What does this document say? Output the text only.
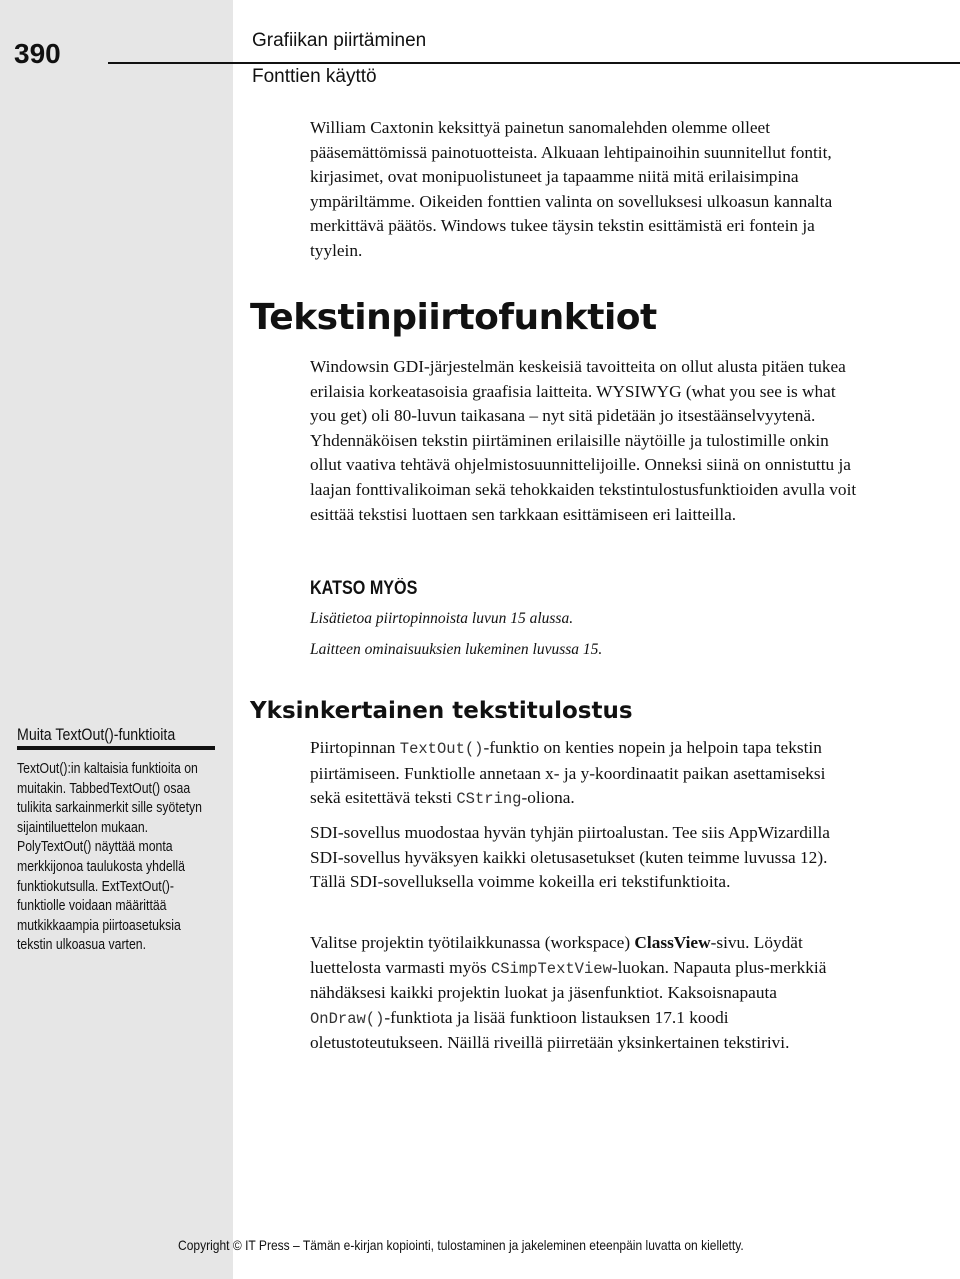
390	Grafiikan piirtäminen
Fonttien käyttö

William Caxtonin keksittyä painetun sanomalehden olemme olleet pääsemättömissä painotuotteista. Alkuaan lehtipainoihin suunnitellut fontit, kirjasimet, ovat monipuolistuneet ja tapaamme niitä mitä erilaisimpina ympäriltämme. Oikeiden fonttien valinta on sovelluksesi ulkoasun kannalta merkittävä päätös. Windows tukee täysin tekstin esittämistä eri fontein ja tyylein.

Tekstinpiirtofunktiot

Windowsin GDI-järjestelmän keskeisiä tavoitteita on ollut alusta pitäen tukea erilaisia korkeatasoisia graafisia laitteita. WYSIWYG (what you see is what you get) oli 80-luvun taikasana – nyt sitä pidetään jo itsestäänselvyytenä. Yhdennäköisen tekstin piirtäminen erilaisille näytöille ja tulostimille onkin ollut vaativa tehtävä ohjelmistosuunnittelijoille. Onneksi siinä on onnistuttu ja laajan fonttivalikoiman sekä tehokkaiden tekstintulostusfunktioiden avulla voit esittää tekstisi luottaen sen tarkkaan esittämiseen eri laitteilla.

KATSO MYÖS
Lisätietoa piirtopinnoista luvun 15 alussa.
Laitteen ominaisuuksien lukeminen luvussa 15.
Muita TextOut()-funktioita

TextOut():in kaltaisia funktioita on muitakin. TabbedTextOut() osaa tulikita sarkainmerkit sille syötetyn sijaintiluettelon mukaan. PolyTextOut() näyttää monta merkkijonoa taulukosta yhdellä funktiokutsulla. ExtTextOut()-funktiolle voidaan määrittää mutkikkaampia piirtoasetuksia tekstin ulkoasua varten.

Yksinkertainen tekstitulostus

Piirtopinnan TextOut()-funktio on kenties nopein ja helpoin tapa tekstin piirtämiseen. Funktiolle annetaan x- ja y-koordinaatit paikan asettamiseksi sekä esitettävä teksti CString-oliona.

SDI-sovellus muodostaa hyvän tyhjän piirtoalustan. Tee siis AppWizardilla SDI-sovellus hyväksyen kaikki oletusasetukset (kuten teimme luvussa 12). Tällä SDI-sovelluksella voimme kokeilla eri tekstifunktioita.

Valitse projektin työtilaikkunassa (workspace) ClassView-sivu. Löydät luettelosta varmasti myös CSimpTextView-luokan. Napauta plus-merkkiä nähdäksesi kaikki projektin luokat ja jäsenfunktiot. Kaksoisnapauta OnDraw()-funktiota ja lisää funktioon listauksen 17.1 koodi oletustoteutukseen. Näillä riveillä piirretään yksinkertainen tekstirivi.

Copyright © IT Press – Tämän e-kirjan kopiointi, tulostaminen ja jakeleminen eteenpäin luvatta on kielletty.
